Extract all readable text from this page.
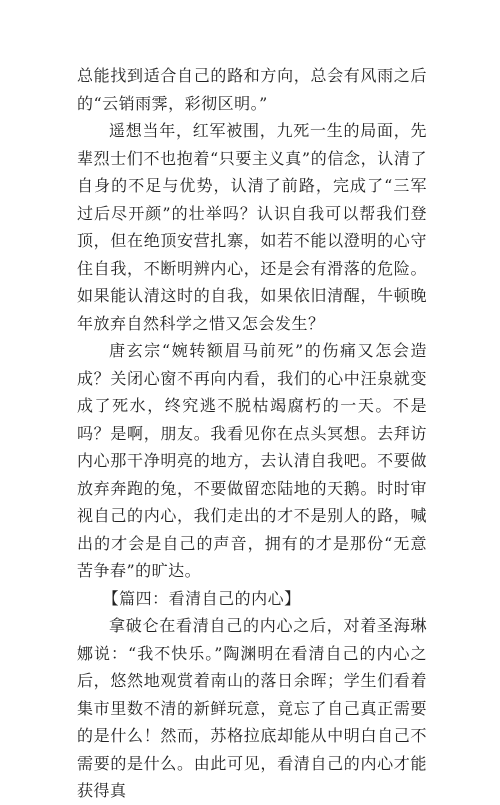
总能找到适合自己的路和方向，总会有风雨之后的“云销雨霁，彩彻区明。”

遥想当年，红军被围，九死一生的局面，先辈烈士们不也抱着“只要主义真”的信念，认清了自身的不足与优势，认清了前路，完成了“三军过后尽开颜”的壮举吗？认识自我可以帮我们登顶，但在绝顶安营扎寨，如若不能以澄明的心守住自我，不断明辨内心，还是会有滑落的危险。如果能认清这时的自我，如果依旧清醒，牛顿晚年放弃自然科学之惜又怎会发生？

唐玄宗“婉转额眉马前死”的伤痛又怎会造成？关闭心窗不再向内看，我们的心中汪泉就变成了死水，终究逃不脱枯竭腐朽的一天。不是吗？是啊，朋友。我看见你在点头冥想。去拜访内心那干净明亮的地方，去认清自我吧。不要做放弃奔跑的兔，不要做留恋陆地的天鹅。时时审视自己的内心，我们走出的才不是别人的路，喊出的才会是自己的声音，拥有的才是那份“无意苦争春”的旷达。

【篇四：看清自己的内心】

拿破仑在看清自己的内心之后，对着圣海琳娜说：“我不快乐。”陶渊明在看清自己的内心之后，悠然地观赏着南山的落日余晖；学生们看着集市里数不清的新鲜玩意，竟忘了自己真正需要的是什么！然而，苏格拉底却能从中明白自己不需要的是什么。由此可见，看清自己的内心才能获得真
